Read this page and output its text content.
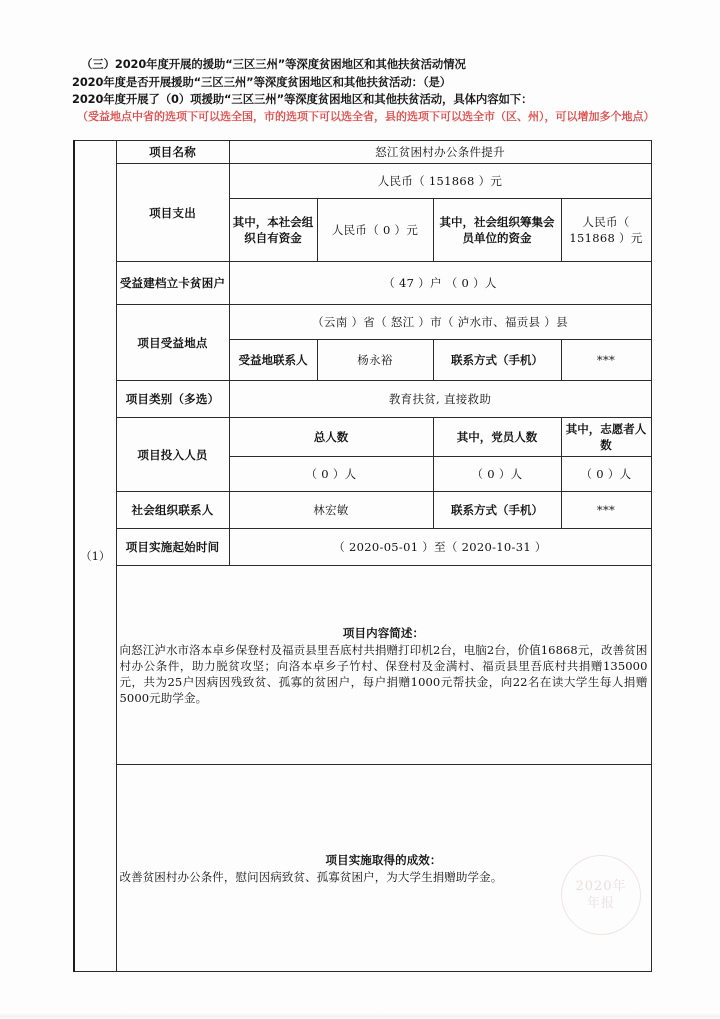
（三）2020年度开展的援助“三区三州”等深度贫困地区和其他扶贫活动情况
2020年度是否开展援助“三区三州”等深度贫困地区和其他扶贫活动：（是）
2020年度开展了（0）项援助“三区三州”等深度贫困地区和其他扶贫活动，具体内容如下：
（受益地点中省的选项下可以选全国，市的选项下可以选全省，县的选项下可以选全市（区、州），可以增加多个地点）
（1）	项目名称	怒江贫困村办公条件提升			
	项目支出	人民币（ 151868 ）元			
		其中，本社会组织自有资金	人民币（ 0 ）元	其中，社会组织筹集会员单位的资金	人民币（ 151868 ）元
	受益建档立卡贫困户	（ 47 ）户 （ 0 ）人			
	项目受益地点	（云南 ）省（ 怒江 ）市（ 泸水市、福贡县 ）县			
		受益地联系人	杨永裕	联系方式（手机）	***
	项目类别（多选）	教育扶贫, 直接救助			
	项目投入人员	总人数		其中，党员人数	其中，志愿者人数
		（ 0 ）人		（ 0 ）人	（ 0 ）人
	社会组织联系人	林宏敏		联系方式（手机）	***
	项目实施起始时间	（ 2020-05-01 ）至（ 2020-10-31 ）			

	项目内容简述：
向怒江泸水市洛本卓乡保登村及福贡县里吾底村共捐赠打印机2台，电脑2台，价值16868元，改善贫困村办公条件，助力脱贫攻坚；向洛本卓乡子竹村、保登村及金满村、福贡县里吾底村共捐赠135000元，共为25户因病因残致贫、孤寡的贫困户，每户捐赠1000元帮扶金，向22名在读大学生每人捐赠5000元助学金。				

	项目实施取得的成效：
改善贫困村办公条件，慰问因病致贫、孤寡贫困户，为大学生捐赠助学金。				
2020年
年报
